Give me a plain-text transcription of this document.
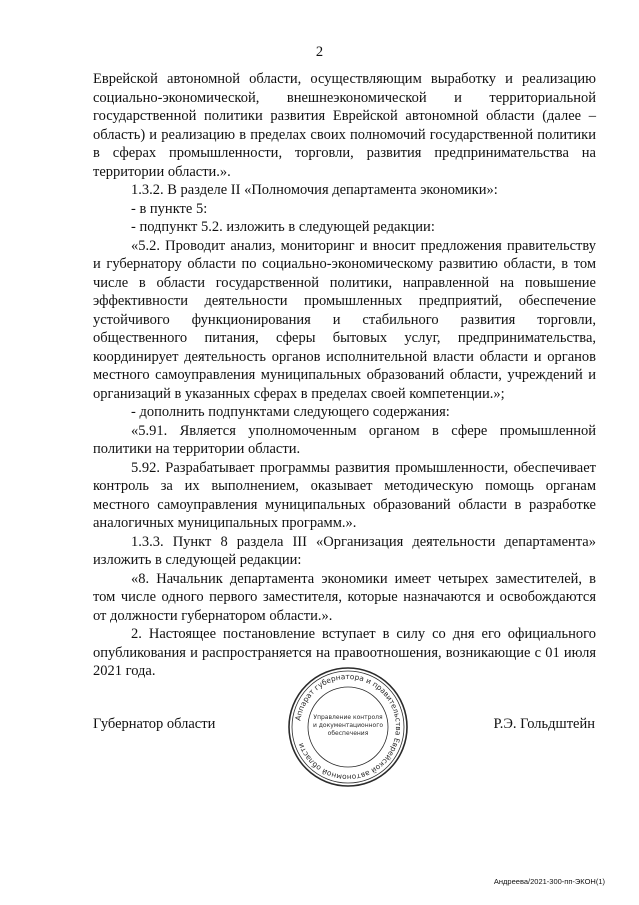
2

Еврейской автономной области, осуществляющим выработку и реализацию социально-экономической, внешнеэкономической и территориальной государственной политики развития Еврейской автономной области (далее – область) и реализацию в пределах своих полномочий государственной политики в сферах промышленности, торговли, развития предпринимательства на территории области.».

1.3.2. В разделе II «Полномочия департамента экономики»:

- в пункте 5:

- подпункт 5.2. изложить в следующей редакции:

«5.2. Проводит анализ, мониторинг и вносит предложения правительству и губернатору области по социально-экономическому развитию области, в том числе в области государственной политики, направленной на повышение эффективности деятельности промышленных предприятий, обеспечение устойчивого функционирования и стабильного развития торговли, общественного питания, сферы бытовых услуг, предпринимательства, координирует деятельность органов исполнительной власти области и органов местного самоуправления муниципальных образований области, учреждений и организаций в указанных сферах в пределах своей компетенции.»;

- дополнить подпунктами следующего содержания:

«5.91. Является уполномоченным органом в сфере промышленной политики на территории области.

5.92. Разрабатывает программы развития промышленности, обеспечивает контроль за их выполнением, оказывает методическую помощь органам местного самоуправления муниципальных образований области в разработке аналогичных муниципальных программ.».

1.3.3. Пункт 8 раздела III «Организация деятельности департамента» изложить в следующей редакции:

«8. Начальник департамента экономики имеет четырех заместителей, в том числе одного первого заместителя, которые назначаются и освобождаются от должности губернатором области.».

2. Настоящее постановление вступает в силу со дня его официального опубликования и распространяется на правоотношения, возникающие с 01 июля 2021 года.

Губернатор области	Р.Э. Гольдштейн
Аппарат губернатора и правительства Еврейской автономной области
Управление контроля и документационного обеспечения
Андреева/2021-300-пп-ЭКОН(1)
